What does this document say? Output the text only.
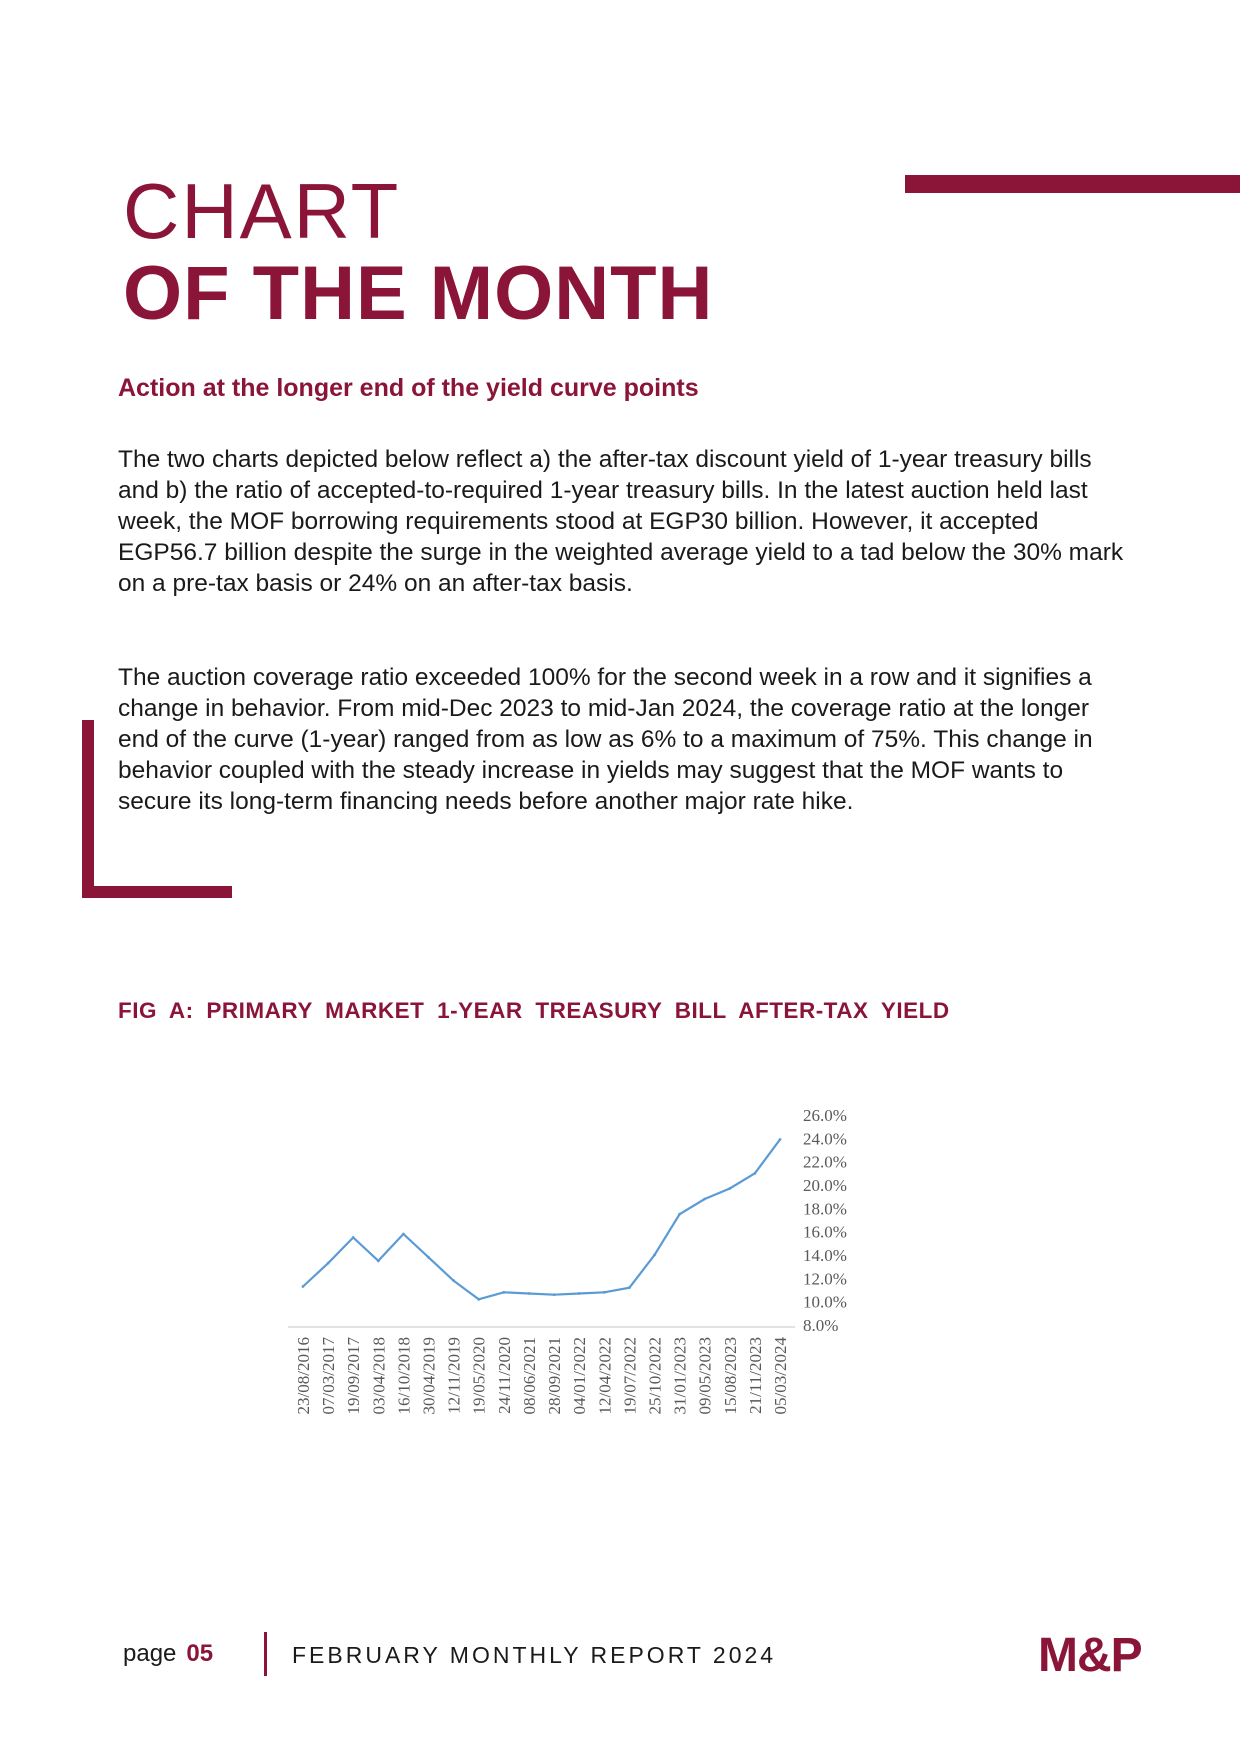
CHART
OF THE MONTH
Action at the longer end of the yield curve points

The two charts depicted below reflect a) the after-tax discount yield of 1-year treasury bills and b) the ratio of accepted-to-required 1-year treasury bills. In the latest auction held last week, the MOF borrowing requirements stood at EGP30 billion. However, it accepted EGP56.7 billion despite the surge in the weighted average yield to a tad below the 30% mark on a pre-tax basis or 24% on an after-tax basis.

The auction coverage ratio exceeded 100% for the second week in a row and it signifies a change in behavior. From mid-Dec 2023 to mid-Jan 2024, the coverage ratio at the longer end of the curve (1-year) ranged from as low as 6% to a maximum of 75%. This change in behavior coupled with the steady increase in yields may suggest that the MOF wants to secure its long-term financing needs before another major rate hike.

FIG A: PRIMARY MARKET 1-YEAR TREASURY BILL AFTER-TAX YIELD
8.0%
10.0%
12.0%
14.0%
16.0%
18.0%
20.0%
22.0%
24.0%
26.0%
23/08/2016 07/03/2017 19/09/2017 03/04/2018 16/10/2018 30/04/2019 12/11/2019 19/05/2020 24/11/2020 08/06/2021 28/09/2021 04/01/2022 12/04/2022 19/07/2022 25/10/2022 31/01/2023 09/05/2023 15/08/2023 21/11/2023 05/03/2024
page 05	FEBRUARY MONTHLY REPORT 2024	M&P
